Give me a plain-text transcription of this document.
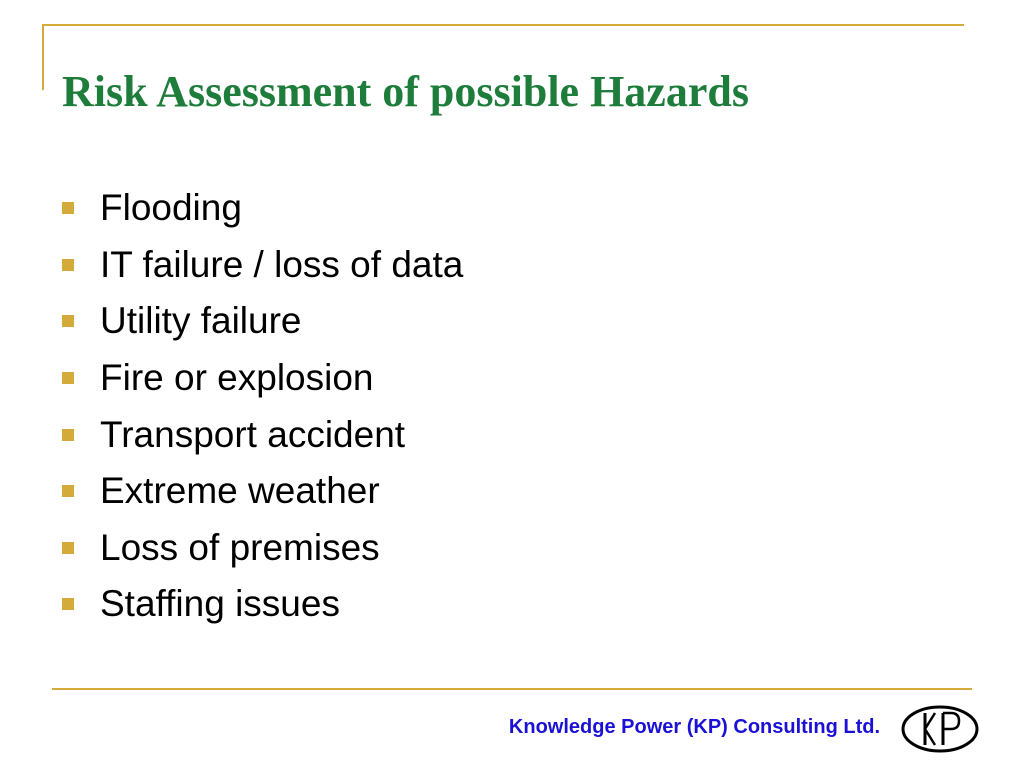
Risk Assessment of possible Hazards
Flooding
IT failure / loss of data
Utility failure
Fire or explosion
Transport accident
Extreme weather
Loss of premises
Staffing issues
Knowledge Power (KP) Consulting Ltd.
